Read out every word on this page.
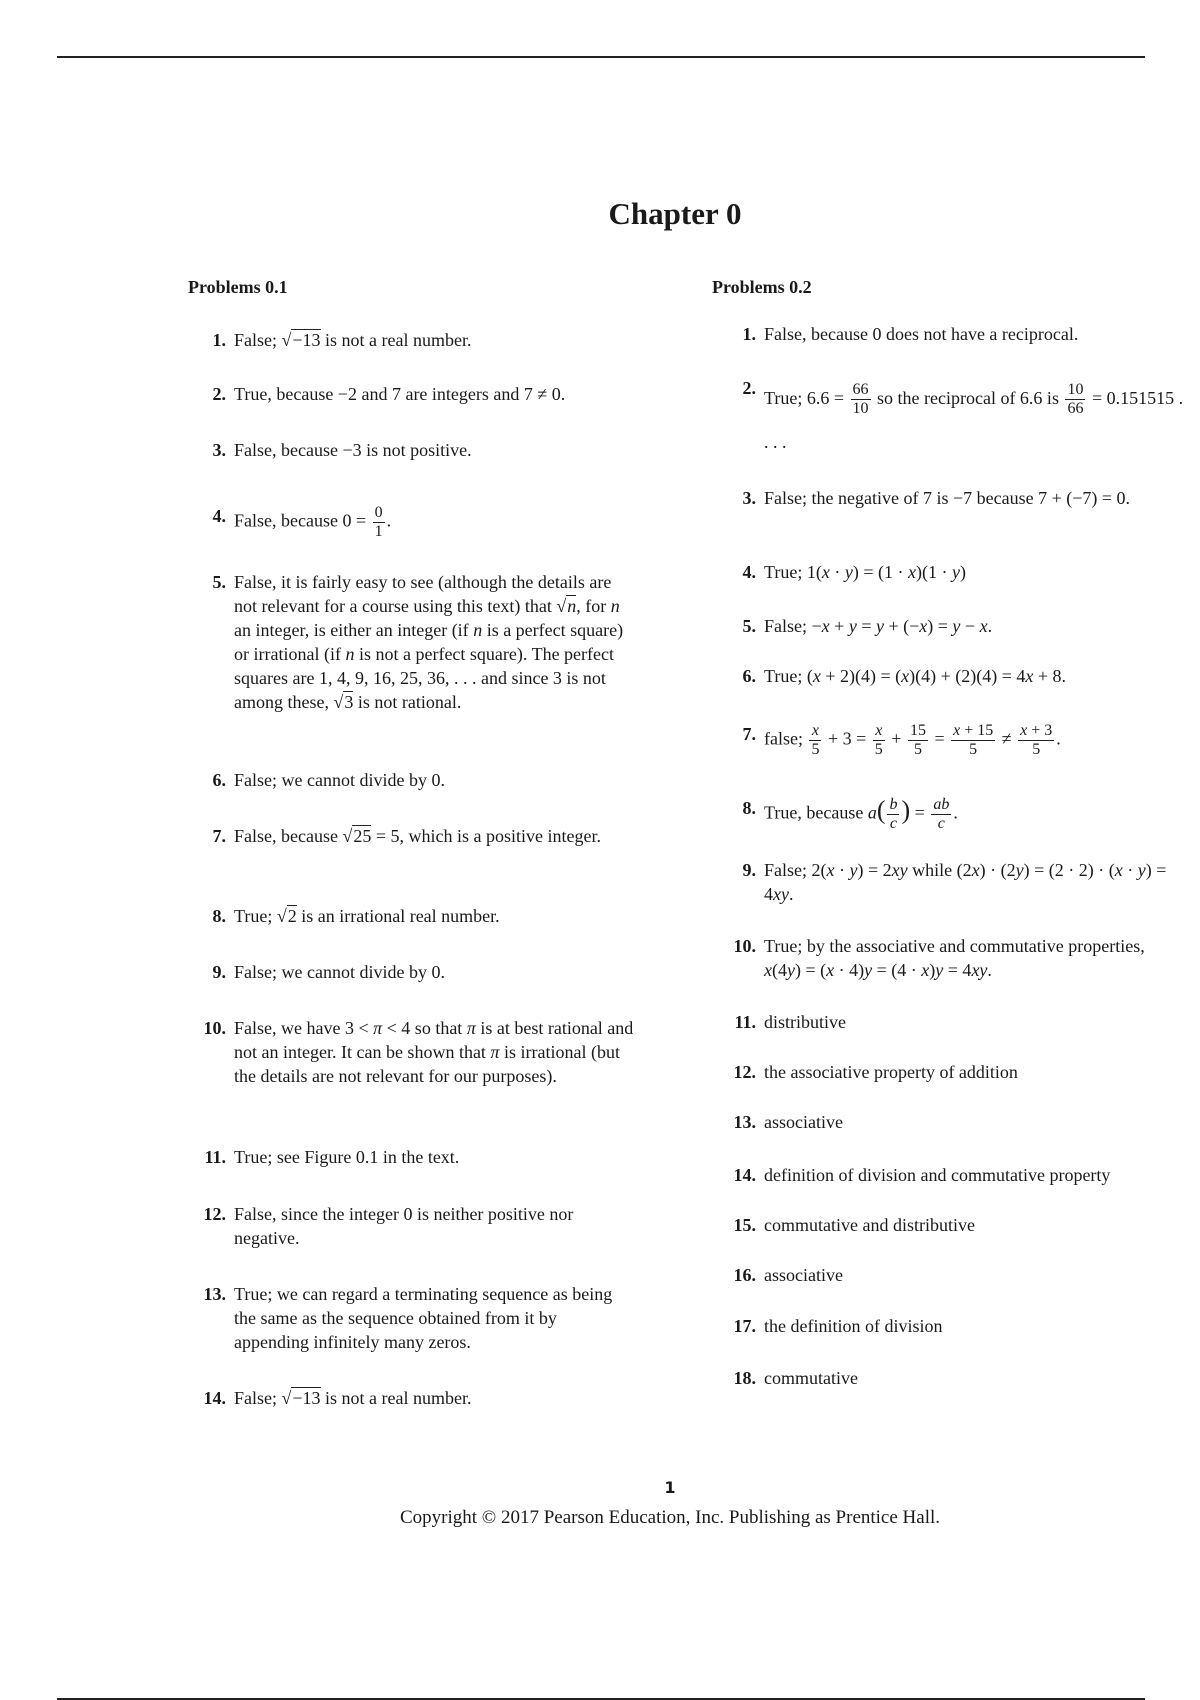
Chapter 0
Problems 0.1	Problems 0.2
1. False; √−13 is not a real number.
2. True, because −2 and 7 are integers and 7 ≠ 0.
3. False, because −3 is not positive.
4. False, because $0 = \frac{0}{1}$ .
5. False, it is fairly easy to see (although the details are not relevant for a course using this text) that √n, for n an integer, is either an integer (if n is a perfect square) or irrational (if n is not a perfect square). The perfect squares are 1, 4, 9, 16, 25, 36, . . . and since 3 is not among these, √3 is not rational.
6. False; we cannot divide by 0.
7. False, because √25 = 5, which is a positive integer.
8. True; √2 is an irrational real number.
9. False; we cannot divide by 0.
10. False, we have 3 < π < 4 so that π is at best rational and not an integer. It can be shown that π is irrational (but the details are not relevant for our purposes).
11. True; see Figure 0.1 in the text.
12. False, since the integer 0 is neither positive nor negative.
13. True; we can regard a terminating sequence as being the same as the sequence obtained from it by appending infinitely many zeros.
14. False; √−13 is not a real number.
1. False, because 0 does not have a reciprocal.
2. True; $6.6 = \frac{66}{10}$ so the reciprocal of 6.6 is $\frac{10}{66} = 0.151515$ . . . .
3. False; the negative of 7 is −7 because 7 + (−7) = 0.
4. True; 1(x · y) = (1 · x)(1 · y)
5. False; −x + y = y + (−x) = y − x.
6. True; (x + 2)(4) = (x)(4) + (2)(4) = 4x + 8.
7. false; $\frac{x}{5} + 3 = \frac{x}{5} + \frac{15}{5} = \frac{x + 15}{5} \ne \frac{x + 3}{5}$ .
8. True, because $a( \frac{b}{c}$ ) = $\frac{ab}{c}$ .
9. False; 2(x · y) = 2xy while (2x) · (2y) = (2 · 2) · (x · y) = 4xy.
10. True; by the associative and commutative properties, x(4y) = (x · 4)y = (4 · x)y = 4xy.
11. distributive
12. the associative property of addition
13. associative
14. definition of division and commutative property
15. commutative and distributive
16. associative
17. the definition of division
18. commutative
1
Copyright © 2017 Pearson Education, Inc. Publishing as Prentice Hall.
